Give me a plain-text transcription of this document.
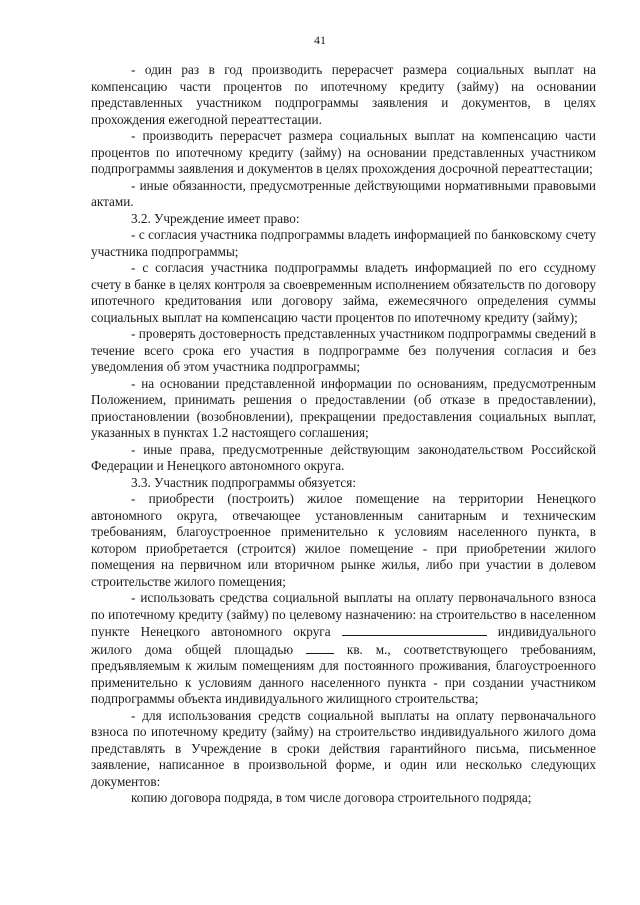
41

- один раз в год производить перерасчет размера социальных выплат на компенсацию части процентов по ипотечному кредиту (займу) на основании представленных участником подпрограммы заявления и документов, в целях прохождения ежегодной переаттестации.

- производить перерасчет размера социальных выплат на компенсацию части процентов по ипотечному кредиту (займу) на основании представленных участником подпрограммы заявления и документов в целях прохождения досрочной переаттестации;

- иные обязанности, предусмотренные действующими нормативными правовыми актами.

3.2. Учреждение имеет право:

- с согласия участника подпрограммы владеть информацией по банковскому счету участника подпрограммы;

- с согласия участника подпрограммы владеть информацией по его ссудному счету в банке в целях контроля за своевременным исполнением обязательств по договору ипотечного кредитования или договору займа, ежемесячного определения суммы социальных выплат на компенсацию части процентов по ипотечному кредиту (займу);

- проверять достоверность представленных участником подпрограммы сведений в течение всего срока его участия в подпрограмме без получения согласия и без уведомления об этом участника подпрограммы;

- на основании представленной информации по основаниям, предусмотренным Положением, принимать решения о предоставлении (об отказе в предоставлении), приостановлении (возобновлении), прекращении предоставления социальных выплат, указанных в пунктах 1.2 настоящего соглашения;

- иные права, предусмотренные действующим законодательством Российской Федерации и Ненецкого автономного округа.

3.3. Участник подпрограммы обязуется:

- приобрести (построить) жилое помещение на территории Ненецкого автономного округа, отвечающее установленным санитарным и техническим требованиям, благоустроенное применительно к условиям населенного пункта, в котором приобретается (строится) жилое помещение - при приобретении жилого помещения на первичном или вторичном рынке жилья, либо при участии в долевом строительстве жилого помещения;

- использовать средства социальной выплаты на оплату первоначального взноса по ипотечному кредиту (займу) по целевому назначению: на строительство в населенном пункте Ненецкого автономного округа	индивидуального жилого дома общей площадью  кв. м., соответствующего требованиям, предъявляемым к жилым помещениям для постоянного проживания, благоустроенного применительно к условиям данного населенного пункта - при создании участником подпрограммы объекта индивидуального жилищного строительства;

- для использования средств социальной выплаты на оплату первоначального взноса по ипотечному кредиту (займу) на строительство индивидуального жилого дома представлять в Учреждение в сроки действия гарантийного письма, письменное заявление, написанное в произвольной форме, и один или несколько следующих документов:

копию договора подряда, в том числе договора строительного подряда;
